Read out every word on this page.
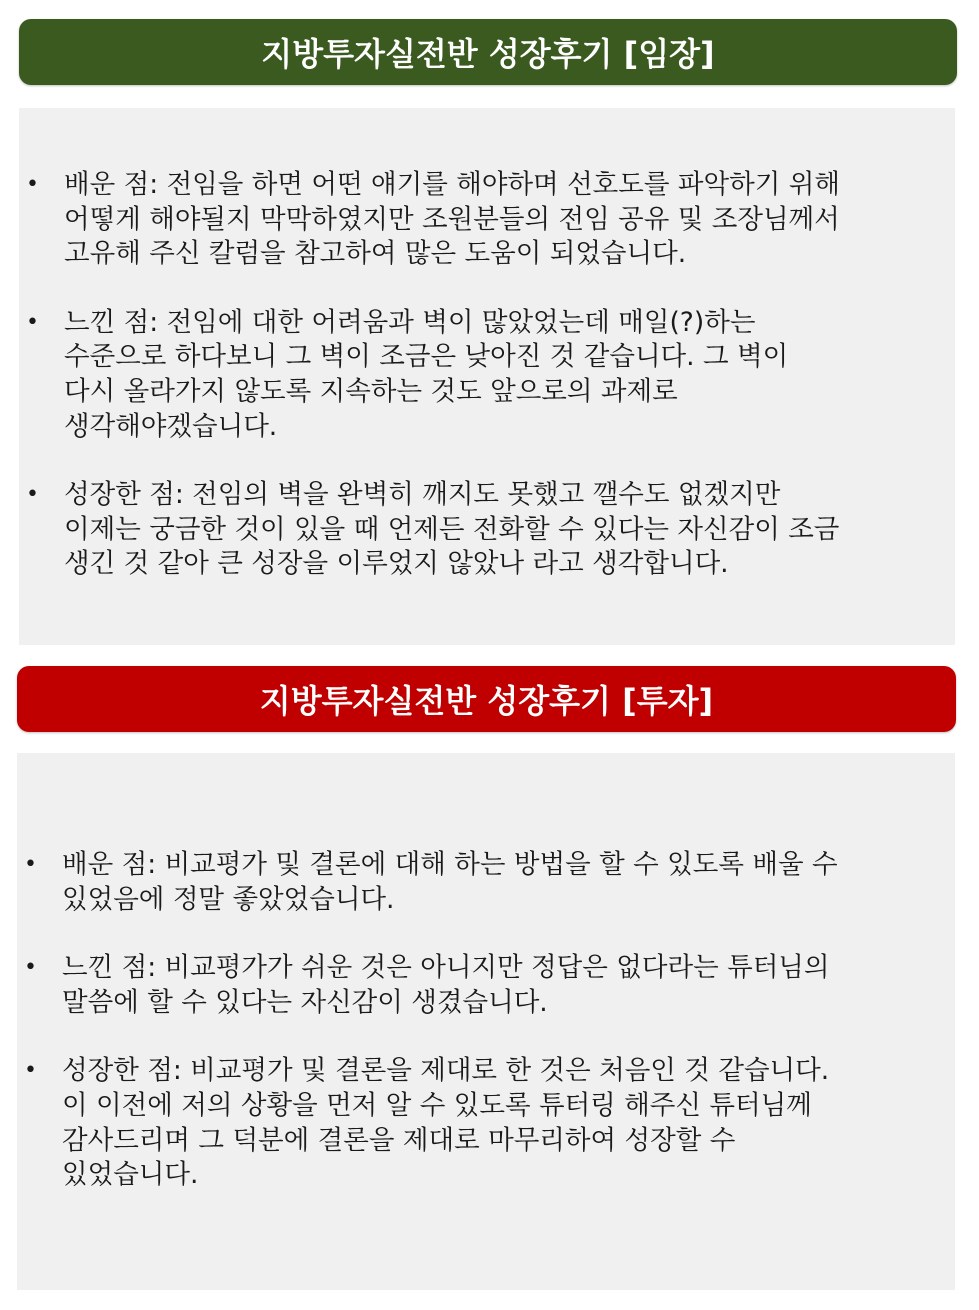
지방투자실전반 성장후기 [임장]
• 배운 점: 전임을 하면 어떤 얘기를 해야하며 선호도를 파악하기 위해
어떻게 해야될지 막막하였지만 조원분들의 전임 공유 및 조장님께서
고유해 주신 칼럼을 참고하여 많은 도움이 되었습니다.
• 느낀 점: 전임에 대한 어려움과 벽이 많았었는데 매일(?)하는
수준으로 하다보니 그 벽이 조금은 낮아진 것 같습니다. 그 벽이
다시 올라가지 않도록 지속하는 것도 앞으로의 과제로
생각해야겠습니다.
• 성장한 점: 전임의 벽을 완벽히 깨지도 못했고 깰수도 없겠지만
이제는 궁금한 것이 있을 때 언제든 전화할 수 있다는 자신감이 조금
생긴 것 같아 큰 성장을 이루었지 않았나 라고 생각합니다.
지방투자실전반 성장후기 [투자]
• 배운 점: 비교평가 및 결론에 대해 하는 방법을 할 수 있도록 배울 수
있었음에 정말 좋았었습니다.
• 느낀 점: 비교평가가 쉬운 것은 아니지만 정답은 없다라는 튜터님의
말씀에 할 수 있다는 자신감이 생겼습니다.
• 성장한 점: 비교평가 및 결론을 제대로 한 것은 처음인 것 같습니다.
이 이전에 저의 상황을 먼저 알 수 있도록 튜터링 해주신 튜터님께
감사드리며 그 덕분에 결론을 제대로 마무리하여 성장할 수
있었습니다.
